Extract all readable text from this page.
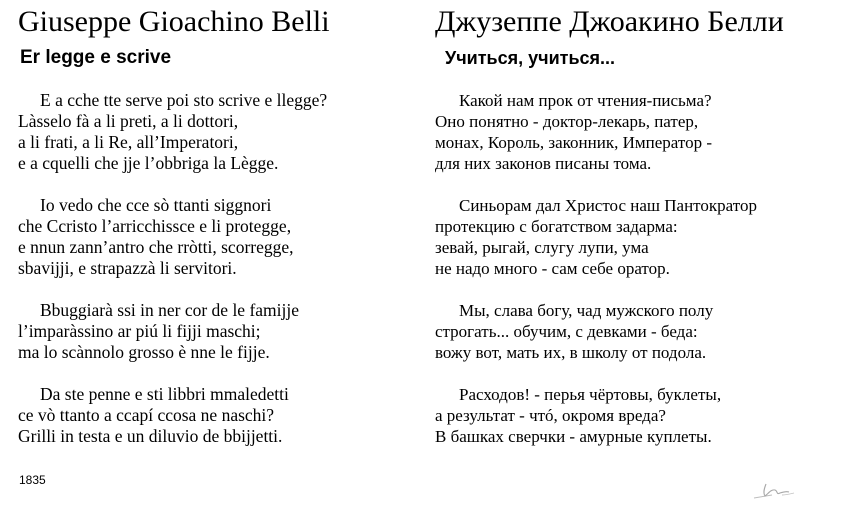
Giuseppe Gioachino Belli
Er legge e scrive
E a cche tte serve poi sto scrive e llegge?
Làsselo fà a li preti, a li dottori,
a li frati, a li Re, all’Imperatori,
e a cquelli che jje l’obbriga la Lègge.
Io vedo che cce sò ttanti siggnori
che Ccristo l’arricchissce e li protegge,
e nnun zann’antro che rròtti, scorregge,
sbavijji, e strapazzà li servitori.
Bbuggiarà ssi in ner cor de le famijje
l’imparàssino ar piú li fijji maschi;
ma lo scànnolo grosso è nne le fijje.
Da ste penne e sti libbri mmaledetti
ce vò ttanto a ccapí ccosa ne naschi?
Grilli in testa e un diluvio de bbijjetti.
1835
Джузеппе Джоакино Белли
Учиться, учиться...
Какой нам прок от чтения-письма?
Оно понятно - доктор-лекарь, патер,
монах, Король, законник, Император -
для них законов писаны тома.
Синьорам дал Христос наш Пантократор
протекцию с богатством задарма:
зевай, рыгай, слугу лупи, ума
не надо много - сам себе оратор.
Мы, слава богу, чад мужского полу
строгать... обучим, с девками - беда:
вожу вот, мать их, в школу от подола.
Расходов! - перья чёртовы, буклеты,
а результат - чтó, окромя вреда?
В башках сверчки - амурные куплеты.
